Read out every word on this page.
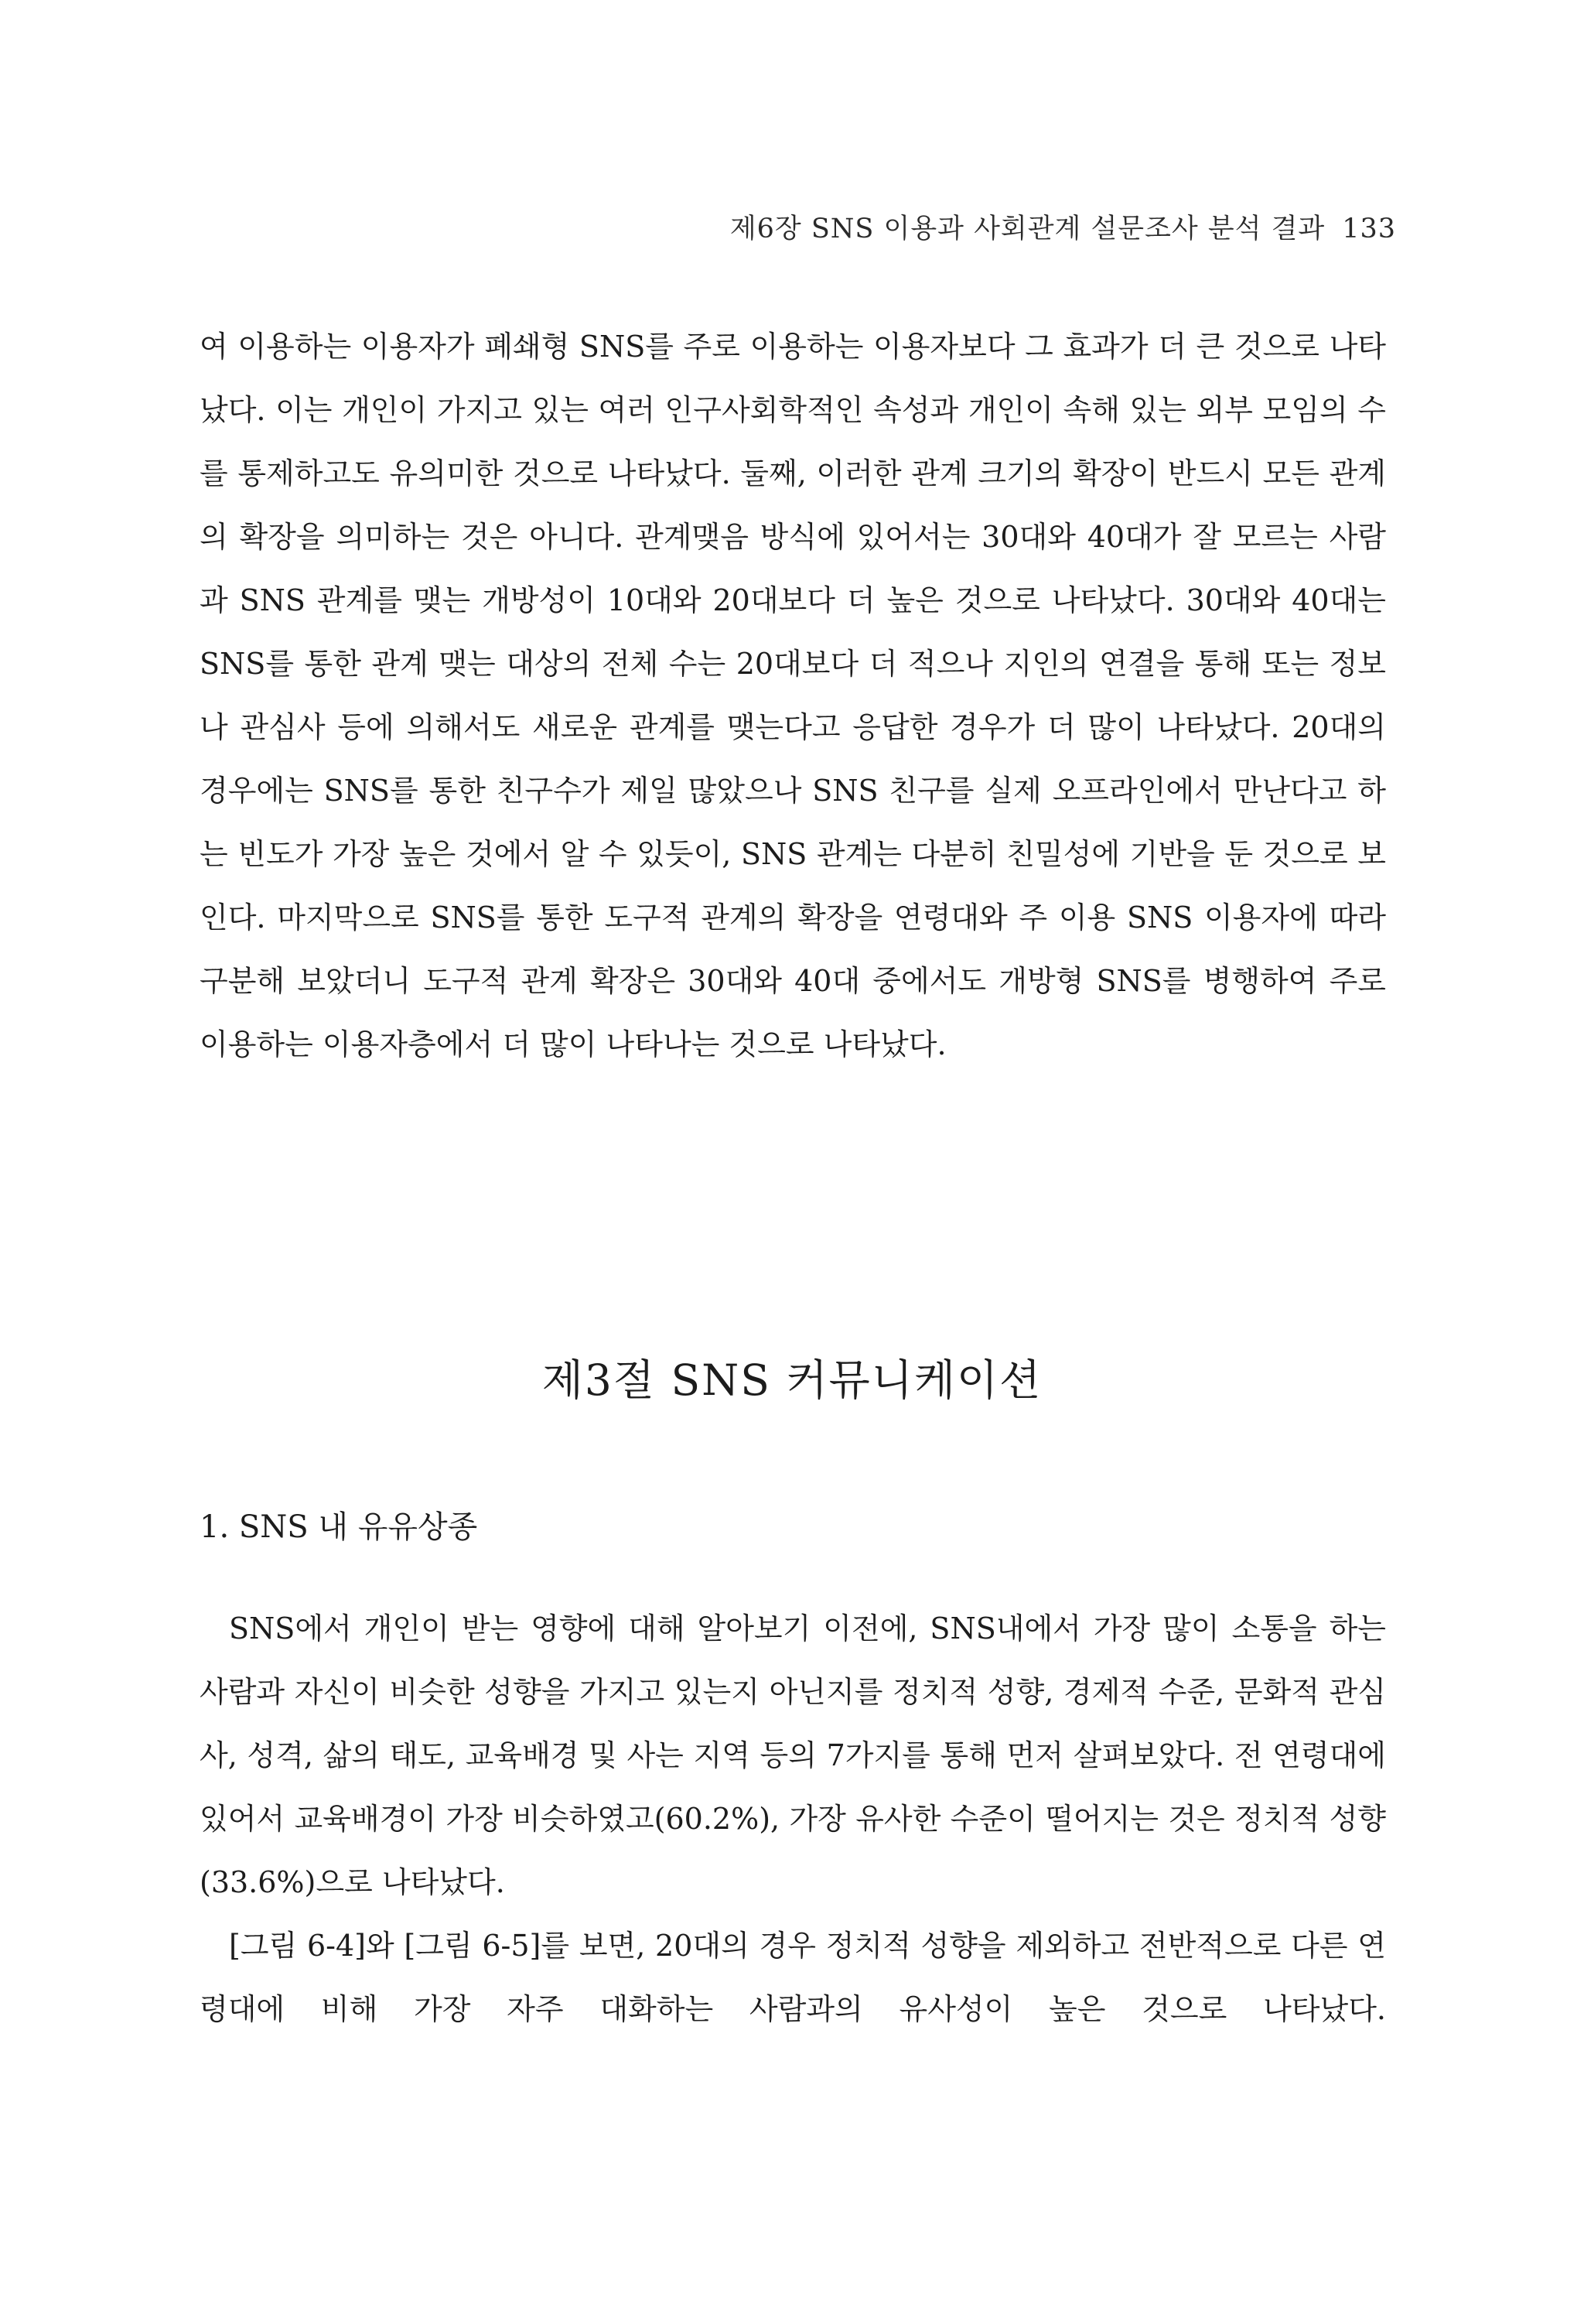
제6장 SNS 이용과 사회관계 설문조사 분석 결과 133

여 이용하는 이용자가 폐쇄형 SNS를 주로 이용하는 이용자보다 그 효과가 더 큰 것으로 나타났다. 이는 개인이 가지고 있는 여러 인구사회학적인 속성과 개인이 속해 있는 외부 모임의 수를 통제하고도 유의미한 것으로 나타났다. 둘째, 이러한 관계 크기의 확장이 반드시 모든 관계의 확장을 의미하는 것은 아니다. 관계맺음 방식에 있어서는 30대와 40대가 잘 모르는 사람과 SNS 관계를 맺는 개방성이 10대와 20대보다 더 높은 것으로 나타났다. 30대와 40대는 SNS를 통한 관계 맺는 대상의 전체 수는 20대보다 더 적으나 지인의 연결을 통해 또는 정보나 관심사 등에 의해서도 새로운 관계를 맺는다고 응답한 경우가 더 많이 나타났다. 20대의 경우에는 SNS를 통한 친구수가 제일 많았으나 SNS 친구를 실제 오프라인에서 만난다고 하는 빈도가 가장 높은 것에서 알 수 있듯이, SNS 관계는 다분히 친밀성에 기반을 둔 것으로 보인다. 마지막으로 SNS를 통한 도구적 관계의 확장을 연령대와 주 이용 SNS 이용자에 따라 구분해 보았더니 도구적 관계 확장은 30대와 40대 중에서도 개방형 SNS를 병행하여 주로 이용하는 이용자층에서 더 많이 나타나는 것으로 나타났다.

제3절 SNS 커뮤니케이션
1. SNS 내 유유상종

SNS에서 개인이 받는 영향에 대해 알아보기 이전에, SNS내에서 가장 많이 소통을 하는 사람과 자신이 비슷한 성향을 가지고 있는지 아닌지를 정치적 성향, 경제적 수준, 문화적 관심사, 성격, 삶의 태도, 교육배경 및 사는 지역 등의 7가지를 통해 먼저 살펴보았다. 전 연령대에 있어서 교육배경이 가장 비슷하였고(60.2%), 가장 유사한 수준이 떨어지는 것은 정치적 성향(33.6%)으로 나타났다.

[그림 6-4]와 [그림 6-5]를 보면, 20대의 경우 정치적 성향을 제외하고 전반적으로 다른 연령대에 비해 가장 자주 대화하는 사람과의 유사성이 높은 것으로 나타났다.
